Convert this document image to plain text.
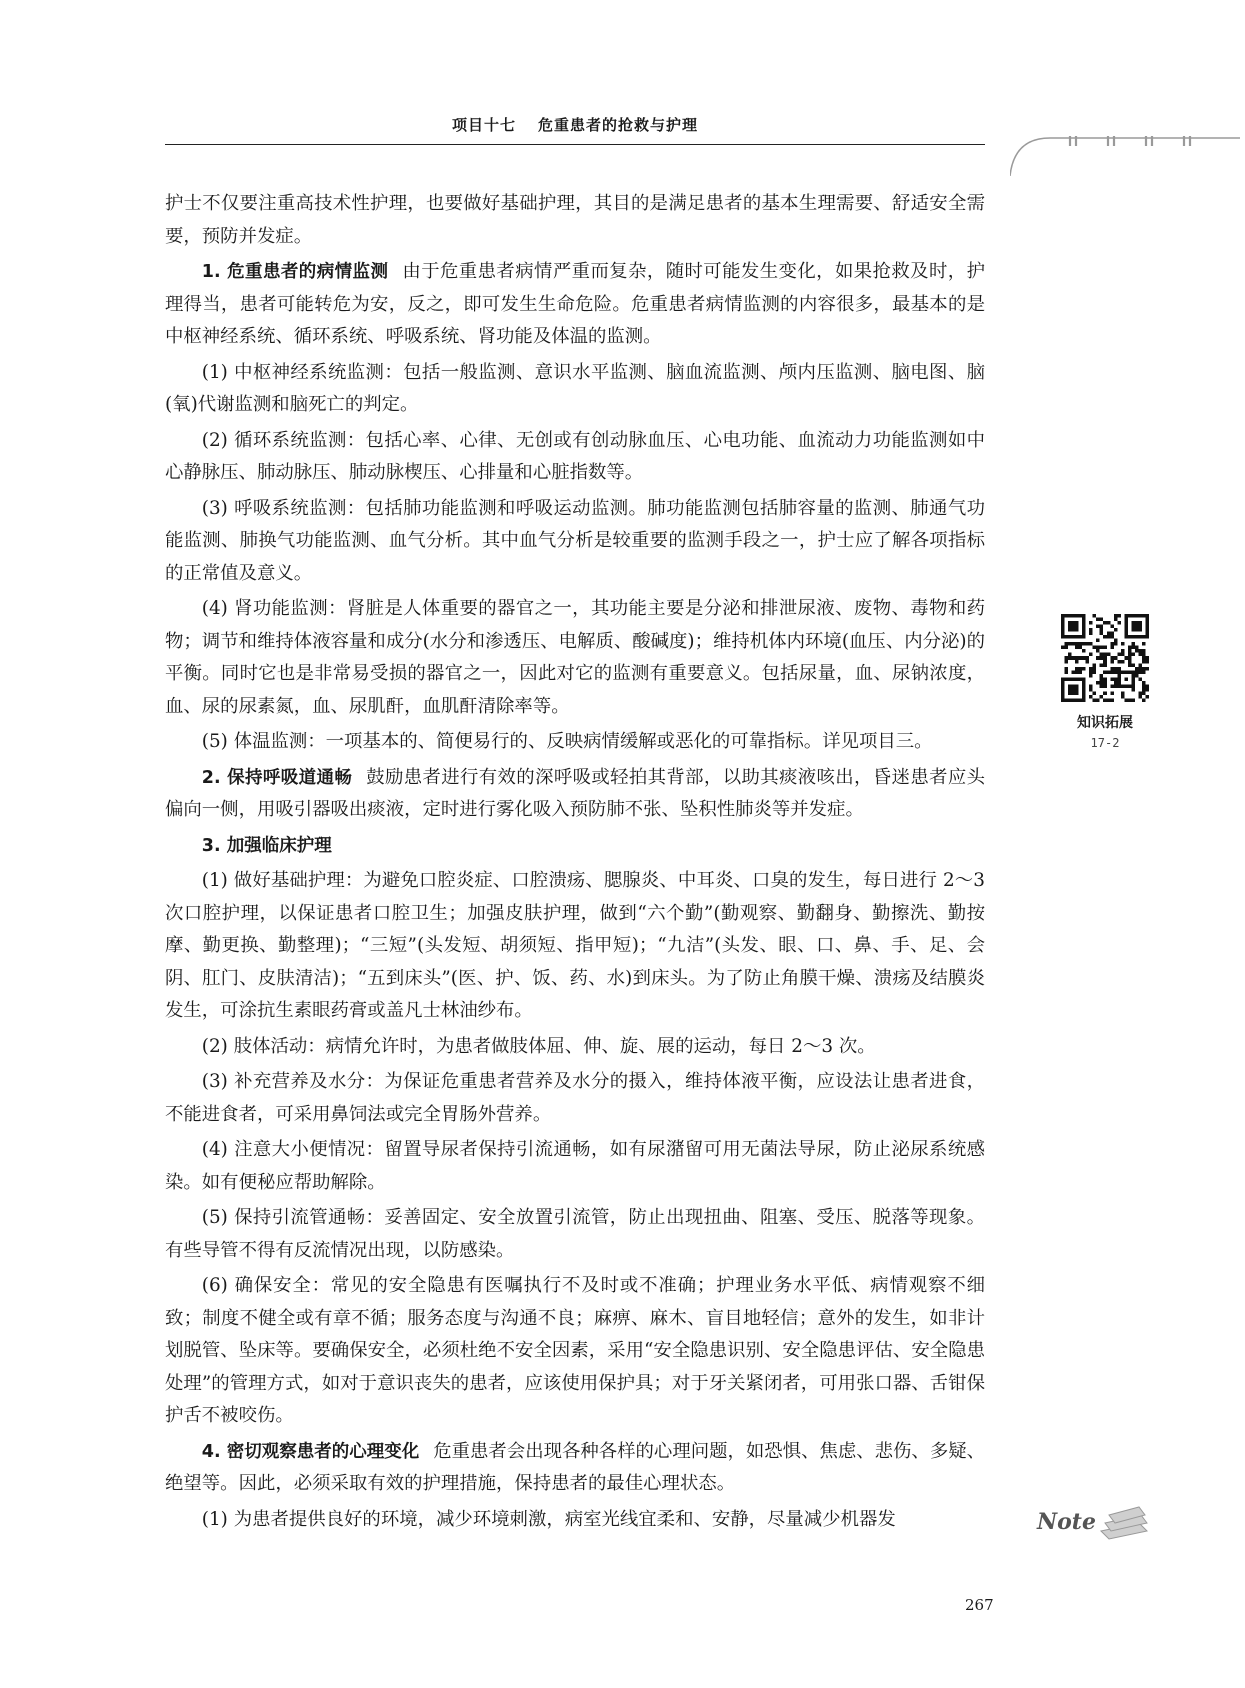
项目十七 危重患者的抢救与护理

护士不仅要注重高技术性护理，也要做好基础护理，其目的是满足患者的基本生理需要、舒适安全需要，预防并发症。

1. 危重患者的病情监测 由于危重患者病情严重而复杂，随时可能发生变化，如果抢救及时，护理得当，患者可能转危为安，反之，即可发生生命危险。危重患者病情监测的内容很多，最基本的是中枢神经系统、循环系统、呼吸系统、肾功能及体温的监测。

(1) 中枢神经系统监测：包括一般监测、意识水平监测、脑血流监测、颅内压监测、脑电图、脑(氧)代谢监测和脑死亡的判定。

(2) 循环系统监测：包括心率、心律、无创或有创动脉血压、心电功能、血流动力功能监测如中心静脉压、肺动脉压、肺动脉楔压、心排量和心脏指数等。

(3) 呼吸系统监测：包括肺功能监测和呼吸运动监测。肺功能监测包括肺容量的监测、肺通气功能监测、肺换气功能监测、血气分析。其中血气分析是较重要的监测手段之一，护士应了解各项指标的正常值及意义。

(4) 肾功能监测：肾脏是人体重要的器官之一，其功能主要是分泌和排泄尿液、废物、毒物和药物；调节和维持体液容量和成分(水分和渗透压、电解质、酸碱度)；维持机体内环境(血压、内分泌)的平衡。同时它也是非常易受损的器官之一，因此对它的监测有重要意义。包括尿量，血、尿钠浓度，血、尿的尿素氮，血、尿肌酐，血肌酐清除率等。

(5) 体温监测：一项基本的、简便易行的、反映病情缓解或恶化的可靠指标。详见项目三。

2. 保持呼吸道通畅 鼓励患者进行有效的深呼吸或轻拍其背部，以助其痰液咳出，昏迷患者应头偏向一侧，用吸引器吸出痰液，定时进行雾化吸入预防肺不张、坠积性肺炎等并发症。

3. 加强临床护理

(1) 做好基础护理：为避免口腔炎症、口腔溃疡、腮腺炎、中耳炎、口臭的发生，每日进行 2～3 次口腔护理，以保证患者口腔卫生；加强皮肤护理，做到“六个勤”(勤观察、勤翻身、勤擦洗、勤按摩、勤更换、勤整理)；“三短”(头发短、胡须短、指甲短)；“九洁”(头发、眼、口、鼻、手、足、会阴、肛门、皮肤清洁)；“五到床头”(医、护、饭、药、水)到床头。为了防止角膜干燥、溃疡及结膜炎发生，可涂抗生素眼药膏或盖凡士林油纱布。

(2) 肢体活动：病情允许时，为患者做肢体屈、伸、旋、展的运动，每日 2～3 次。

(3) 补充营养及水分：为保证危重患者营养及水分的摄入，维持体液平衡，应设法让患者进食，不能进食者，可采用鼻饲法或完全胃肠外营养。

(4) 注意大小便情况：留置导尿者保持引流通畅，如有尿潴留可用无菌法导尿，防止泌尿系统感染。如有便秘应帮助解除。

(5) 保持引流管通畅：妥善固定、安全放置引流管，防止出现扭曲、阻塞、受压、脱落等现象。有些导管不得有反流情况出现，以防感染。

(6) 确保安全：常见的安全隐患有医嘱执行不及时或不准确；护理业务水平低、病情观察不细致；制度不健全或有章不循；服务态度与沟通不良；麻痹、麻木、盲目地轻信；意外的发生，如非计划脱管、坠床等。要确保安全，必须杜绝不安全因素，采用“安全隐患识别、安全隐患评估、安全隐患处理”的管理方式，如对于意识丧失的患者，应该使用保护具；对于牙关紧闭者，可用张口器、舌钳保护舌不被咬伤。

4. 密切观察患者的心理变化 危重患者会出现各种各样的心理问题，如恐惧、焦虑、悲伤、多疑、绝望等。因此，必须采取有效的护理措施，保持患者的最佳心理状态。

(1) 为患者提供良好的环境，减少环境刺激，病室光线宜柔和、安静，尽量减少机器发

知识拓展
17-2
Note
267
